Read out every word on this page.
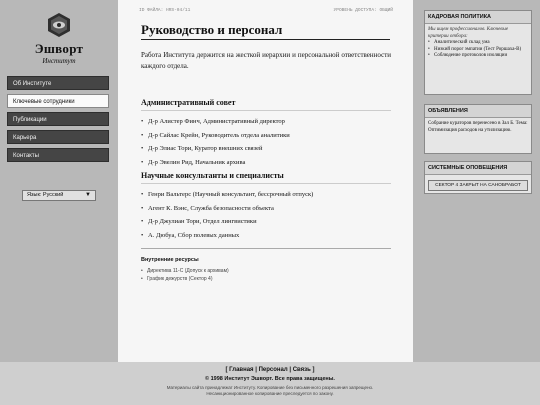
Эшворт
Институт
Об Институте
Ключевые сотрудники
Публикации
Карьера
Контакты
Язык: Русский	▼
ID ФАЙЛА: HRS-04/11	УРОВЕНЬ ДОСТУПА: ОБЩИЙ
Руководство и персонал

Работа Института держится на жесткой иерархии и персональной ответственности каждого отдела.

Административный совет
• Д-р Алистер Финч, Административный директор
• Д-р Сайлас Крейн, Руководитель отдела аналитики
• Д-р Элиас Тори, Куратор внешних связей
• Д-р Эвелин Рид, Начальник архива
Научные консультанты и специалисты
• Генри Вальтерс (Научный консультант, бессрочный отпуск)
• Агент К. Вэнс, Служба безопасности объекта
• Д-р Джулиан Тори, Отдел лингвистики
• А. Дюбуа, Сбор полевых данных
Внутренние ресурсы
• Директива 11-С (Допуск к архивам)
• График дежурств (Сектор 4)
КАДРОВАЯ ПОЛИТИКА
Мы ищем профессионалов. Ключевые критерии отбора:
• Аналитический склад ума
• Низкий порог эмпатии (Тест Роршаха-В)
• Соблюдение протоколов изоляции
ОБЪЯВЛЕНИЯ
Собрание кураторов перенесено в Зал Б. Тема: Оптимизация расходов на утилизацию.
СИСТЕМНЫЕ ОПОВЕЩЕНИЯ
СЕКТОР 4 ЗАКРЫТ НА САНОБРАБОТ
[ Главная | Персонал | Связь ]
© 1998 Институт Эшворт. Все права защищены.
Материалы сайта принадлежат Институту. Копирование без письменного разрешения запрещено.
Несанкционированное копирование преследуется по закону.
